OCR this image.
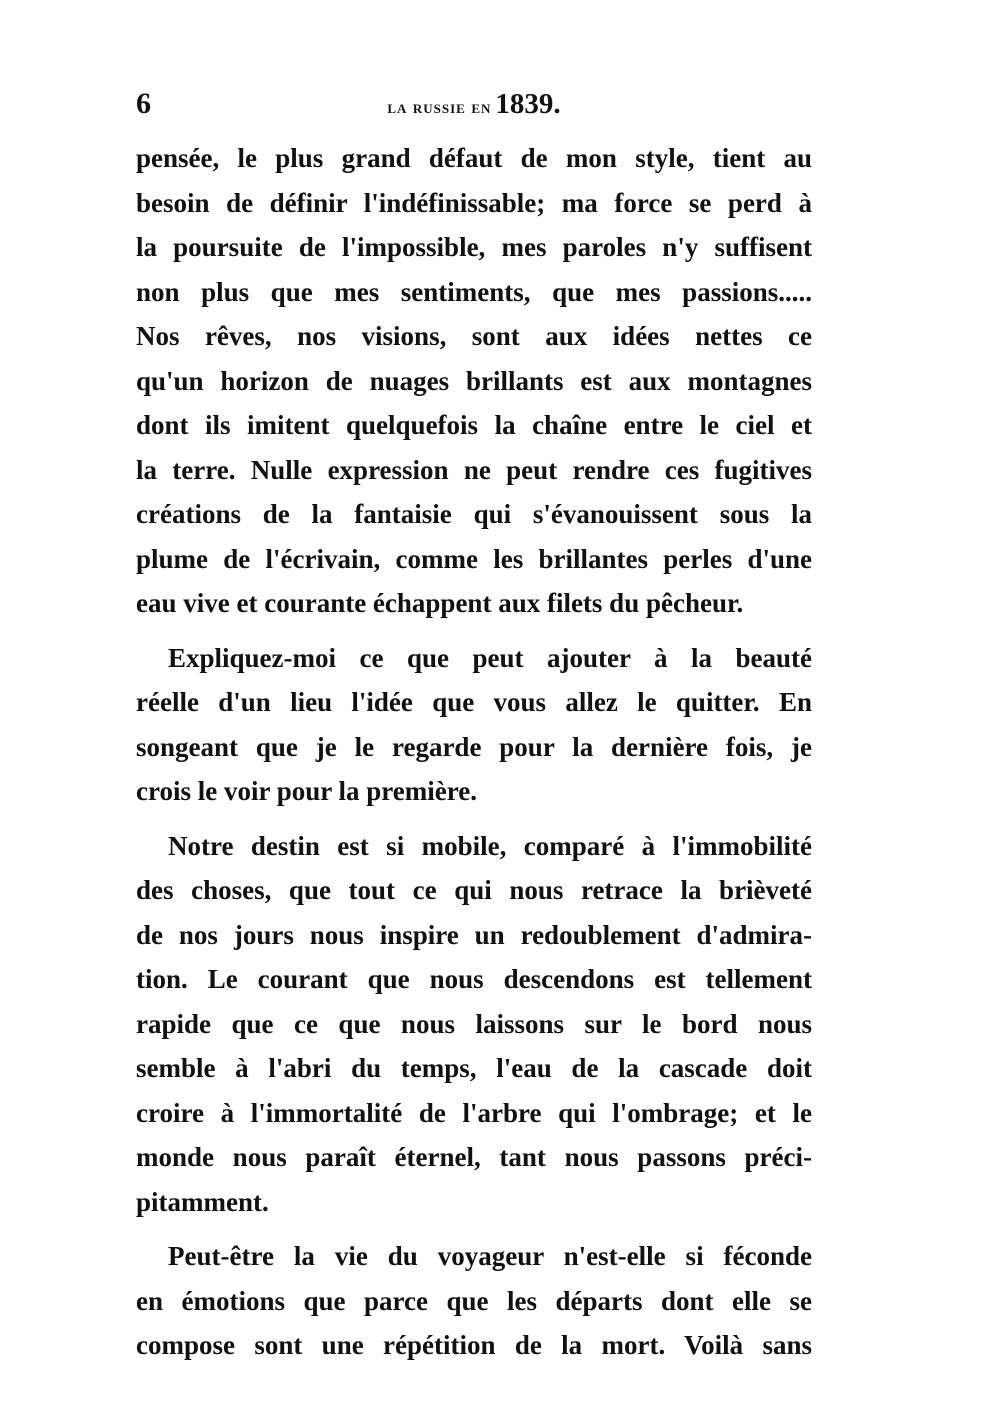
6	la russie en 1839.
pensée, le plus grand défaut de mon style, tient au
besoin de définir l'indéfinissable; ma force se perd à
la poursuite de l'impossible, mes paroles n'y suffisent
non plus que mes sentiments, que mes passions.....
Nos rêves, nos visions, sont aux idées nettes ce
qu'un horizon de nuages brillants est aux montagnes
dont ils imitent quelquefois la chaîne entre le ciel et
la terre. Nulle expression ne peut rendre ces fugitives
créations de la fantaisie qui s'évanouissent sous la
plume de l'écrivain, comme les brillantes perles d'une
eau vive et courante échappent aux filets du pêcheur.
Expliquez-moi ce que peut ajouter à la beauté
réelle d'un lieu l'idée que vous allez le quitter. En
songeant que je le regarde pour la dernière fois, je
crois le voir pour la première.
Notre destin est si mobile, comparé à l'immobilité
des choses, que tout ce qui nous retrace la brièveté
de nos jours nous inspire un redoublement d'admira-
tion. Le courant que nous descendons est tellement
rapide que ce que nous laissons sur le bord nous
semble à l'abri du temps, l'eau de la cascade doit
croire à l'immortalité de l'arbre qui l'ombrage; et le
monde nous paraît éternel, tant nous passons préci-
pitamment.
Peut-être la vie du voyageur n'est-elle si féconde
en émotions que parce que les départs dont elle se
compose sont une répétition de la mort. Voilà sans
